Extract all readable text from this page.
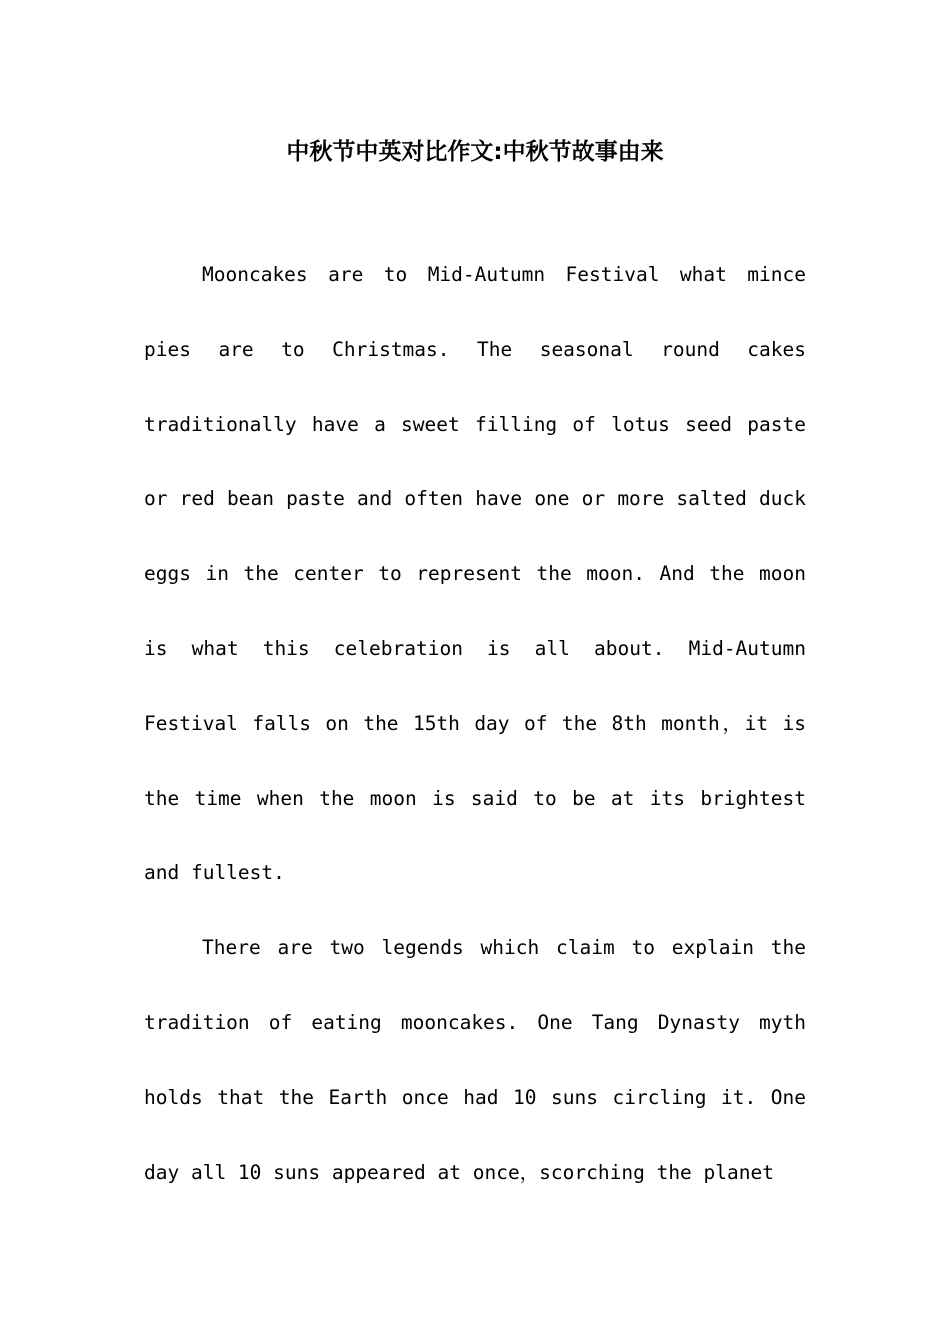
中秋节中英对比作文:中秋节故事由来

Mooncakes are to Mid-Autumn Festival what mince pies are to Christmas. The seasonal round cakes traditionally have a sweet filling of lotus seed paste or red bean paste and often have one or more salted duck eggs in the center to represent the moon. And the moon is what this celebration is all about. Mid-Autumn Festival falls on the 15th day of the 8th month，it is the time when the moon is said to be at its brightest and fullest.

There are two legends which claim to explain the tradition of eating mooncakes. One Tang Dynasty myth holds that the Earth once had 10 suns circling it. One day all 10 suns appeared at once，scorching the planet
